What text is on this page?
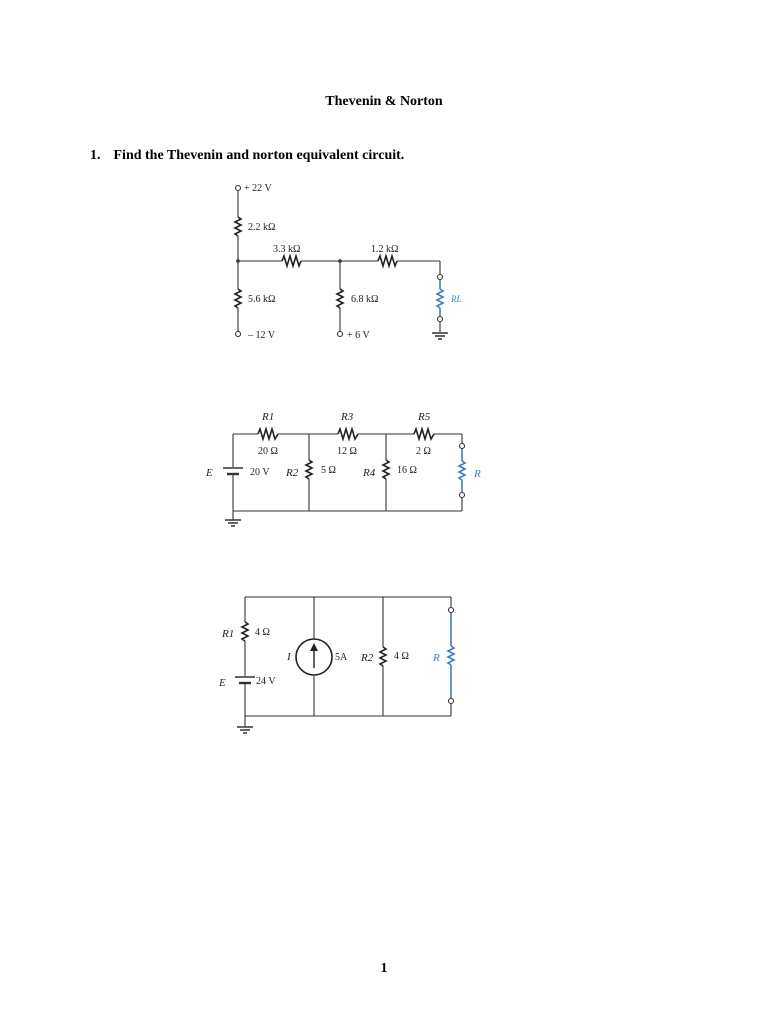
Thevenin & Norton
1. Find the Thevenin and norton equivalent circuit.
+ 22 V
2.2 kΩ
3.3 kΩ	1.2 kΩ
5.6 kΩ	6.8 kΩ
– 12 V	+ 6 V
RL
R1
20 Ω
R3
12 Ω
R5
2 Ω
E	20 V R2 5 Ω R4 16 Ω	R
R1 4 Ω
E	24 V
I	5A R2 4 Ω R
1
